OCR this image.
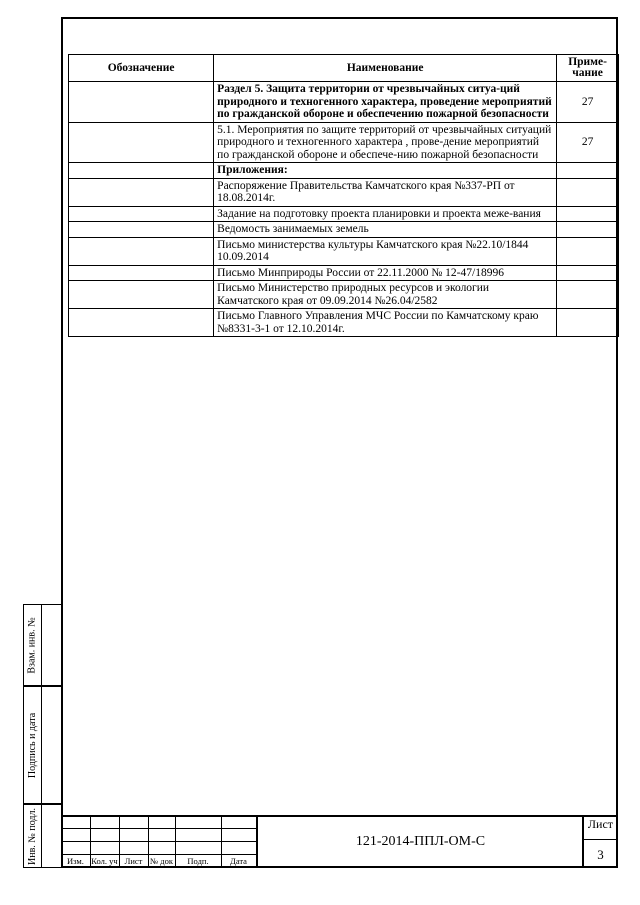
Взам. инв. №
Подпись и дата
Инв. № подл.
Обозначение	Наименование	Приме-
чание
	Раздел 5. Защита территории от чрезвычайных ситуа-ций природного и техногенного характера, проведение мероприятий по гражданской обороне и обеспечению пожарной безопасности	27
	5.1. Мероприятия по защите территорий от чрезвычайных ситуаций природного и техногенного характера , прове-дение мероприятий по гражданской обороне и обеспече-нию пожарной безопасности	27
	Приложения:	
	Распоряжение Правительства Камчатского края №337-РП от 18.08.2014г.	
	Задание на подготовку проекта планировки и проекта меже-вания	
	Ведомость занимаемых земель	
	Письмо министерства культуры Камчатского края №22.10/1844 10.09.2014	
	Письмо Минприроды России от 22.11.2000 № 12-47/18996	
	Письмо Министерство природных ресурсов и экологии Камчатского края от 09.09.2014 №26.04/2582	
	Письмо Главного Управления МЧС России по Камчатскому краю №8331-3-1 от 12.10.2014г.	
Изм. Кол. уч Лист № док	Подп.	Дата
121-2014-ППЛ-ОМ-С
Лист
3
